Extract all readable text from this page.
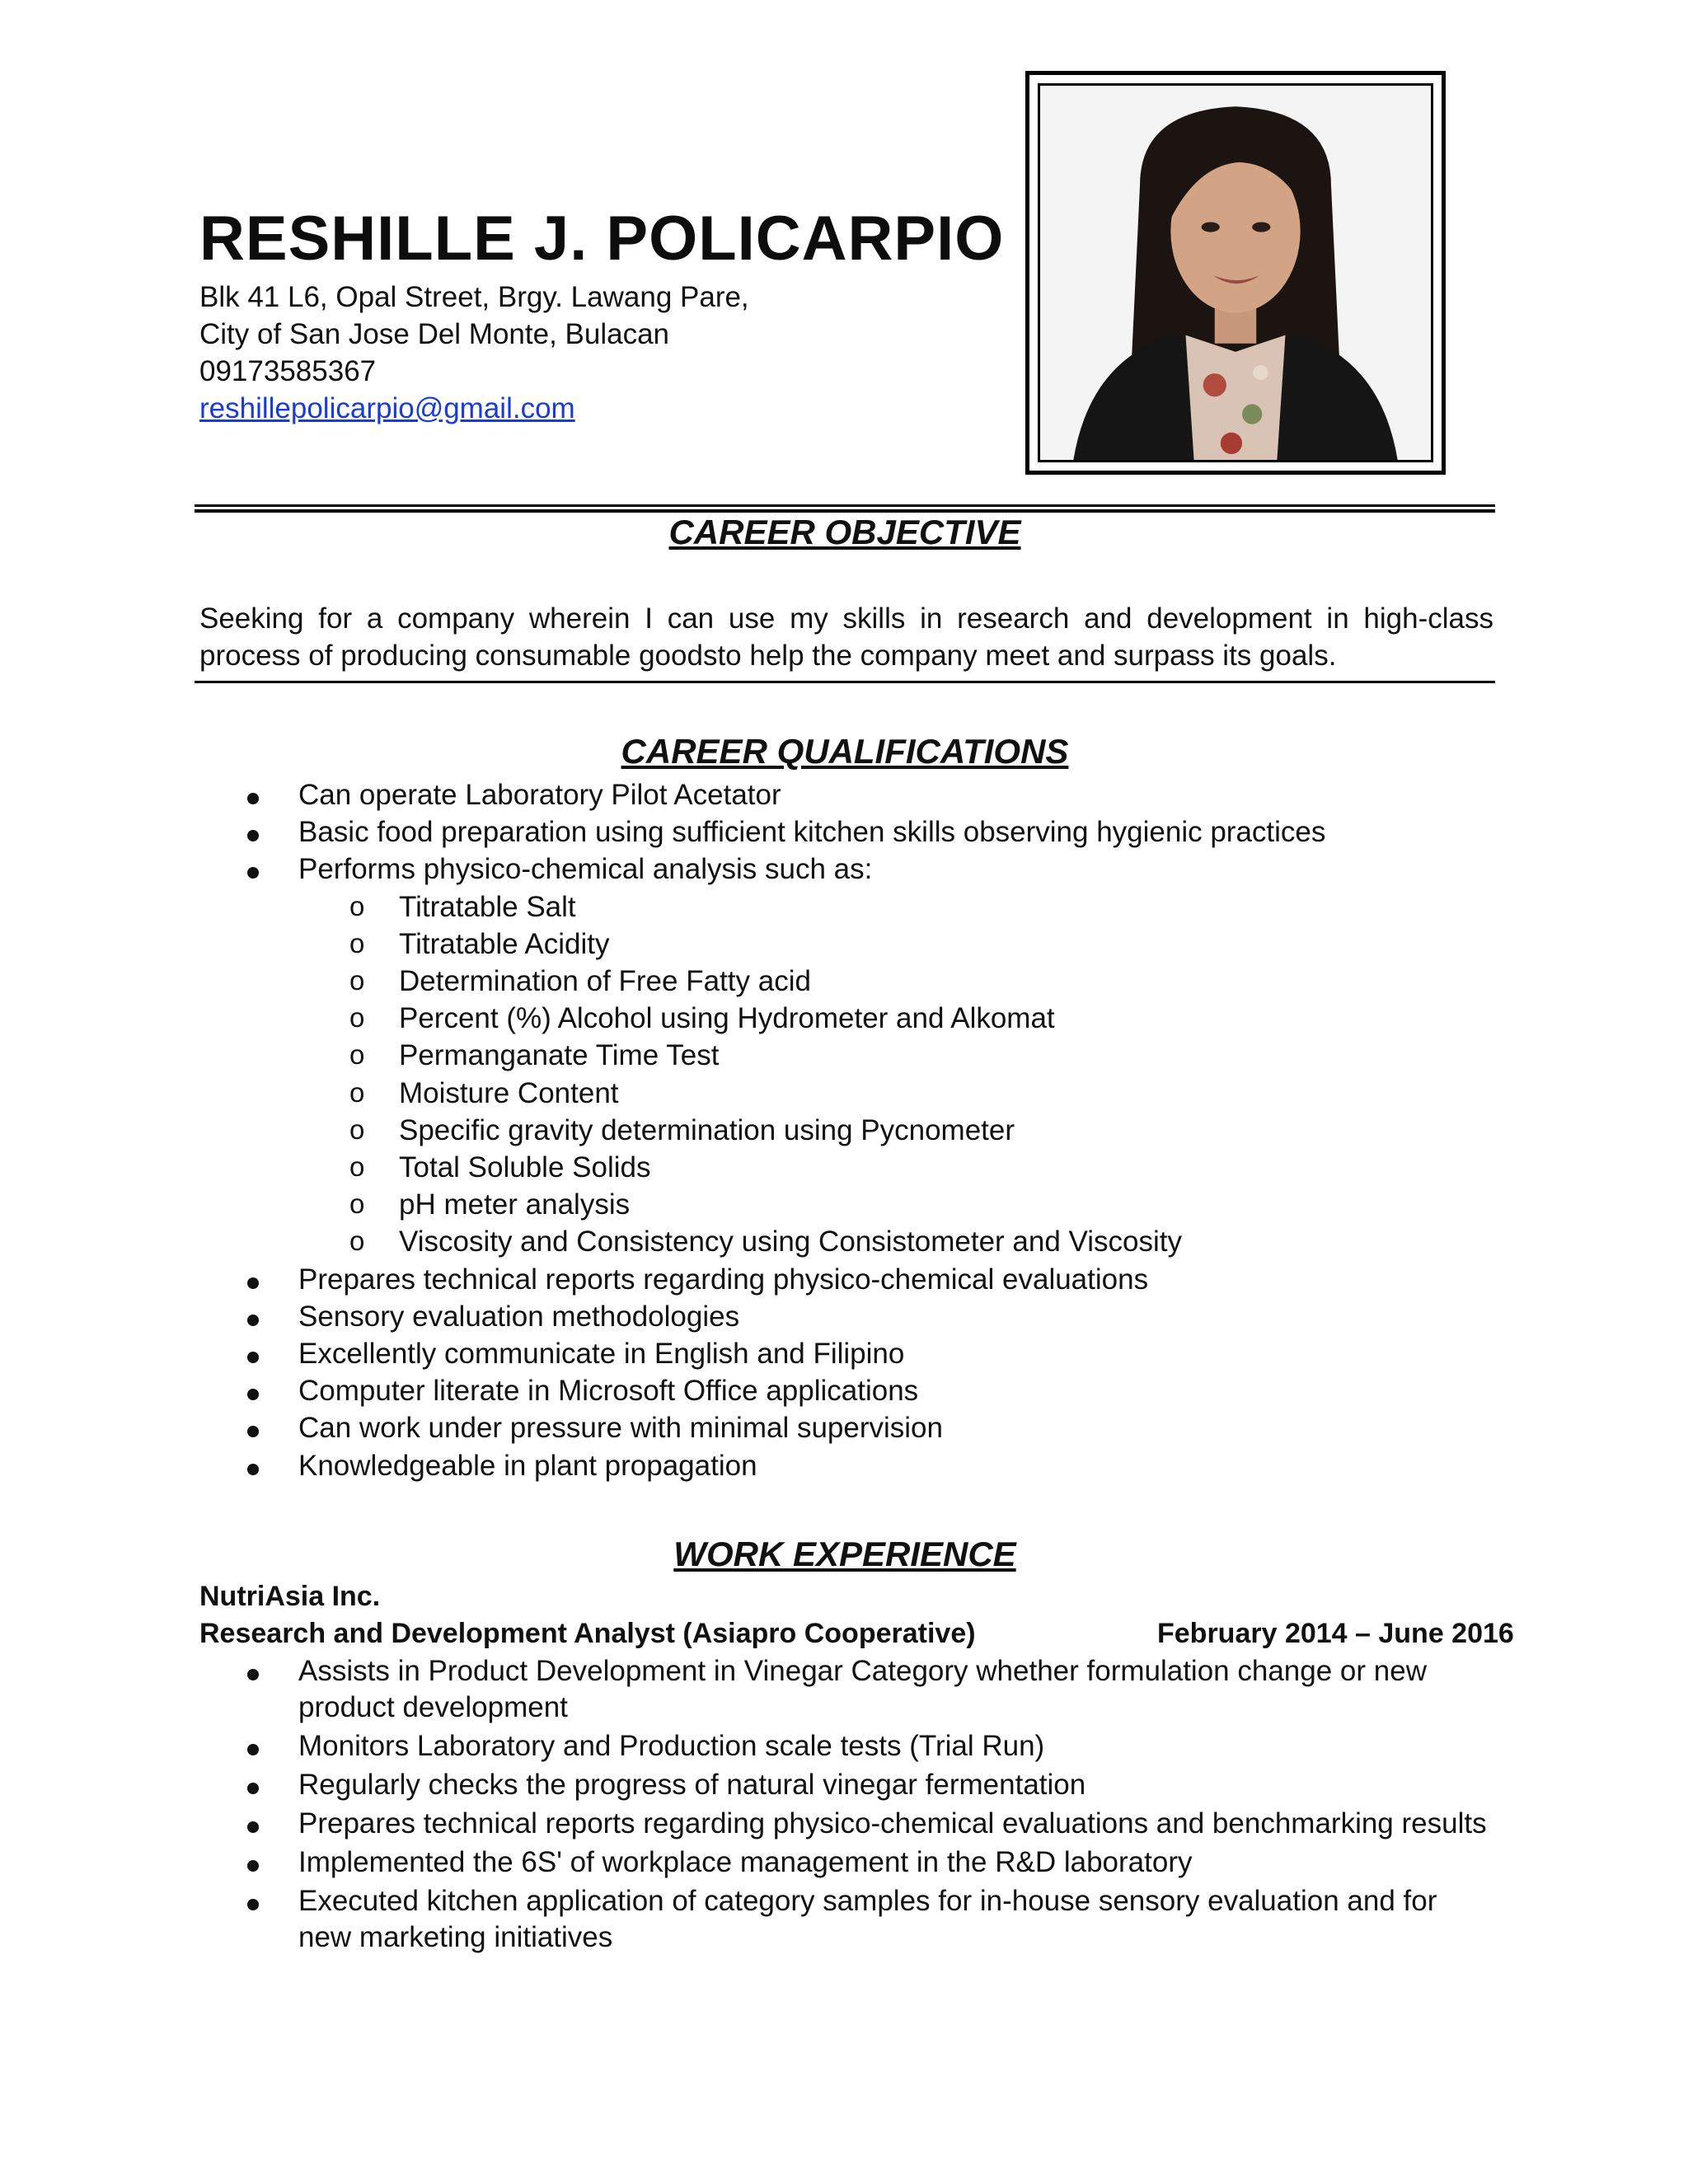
RESHILLE J. POLICARPIO
Blk 41 L6, Opal Street, Brgy. Lawang Pare,
City of San Jose Del Monte, Bulacan
09173585367
reshillepolicarpio@gmail.com
CAREER OBJECTIVE
Seeking for a company wherein I can use my skills in research and development in high-class process of producing consumable goodsto help the company meet and surpass its goals.
CAREER QUALIFICATIONS
Can operate Laboratory Pilot Acetator
Basic food preparation using sufficient kitchen skills observing hygienic practices
Performs physico-chemical analysis such as:
o Titratable Salt
o Titratable Acidity
o Determination of Free Fatty acid
o Percent (%) Alcohol using Hydrometer and Alkomat
o Permanganate Time Test
o Moisture Content
o Specific gravity determination using Pycnometer
o Total Soluble Solids
o pH meter analysis
o Viscosity and Consistency using Consistometer and Viscosity
Prepares technical reports regarding physico-chemical evaluations
Sensory evaluation methodologies
Excellently communicate in English and Filipino
Computer literate in Microsoft Office applications
Can work under pressure with minimal supervision
Knowledgeable in plant propagation
WORK EXPERIENCE
NutriAsia Inc.
Research and Development Analyst (Asiapro Cooperative)	February 2014 – June 2016
Assists in Product Development in Vinegar Category whether formulation change or new
product development
Monitors Laboratory and Production scale tests (Trial Run)
Regularly checks the progress of natural vinegar fermentation
Prepares technical reports regarding physico-chemical evaluations and benchmarking results
Implemented the 6S' of workplace management in the R&D laboratory
Executed kitchen application of category samples for in-house sensory evaluation and for
new marketing initiatives
